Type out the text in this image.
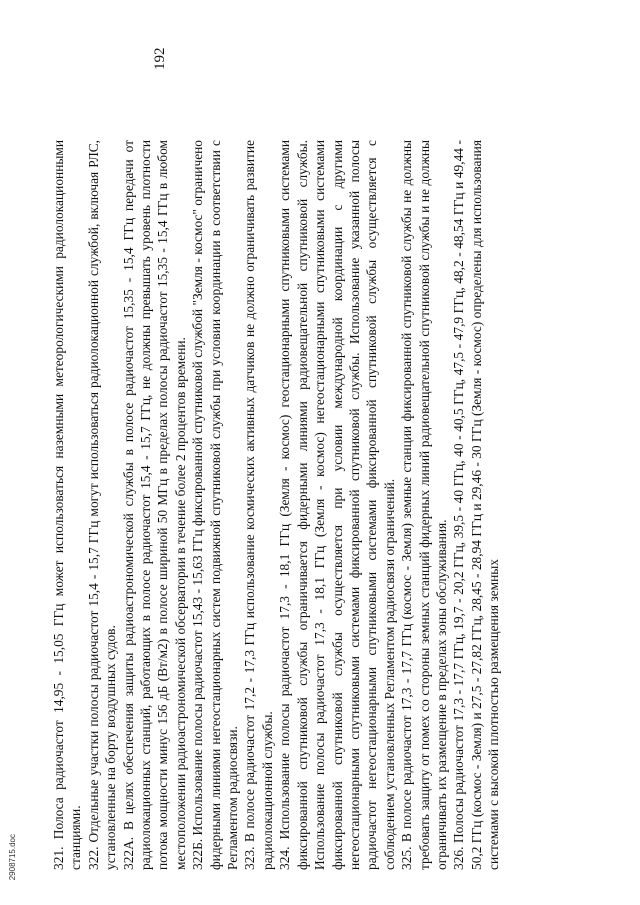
321. Полоса радиочастот 14,95 - 15,05 ГГц может использоваться наземными метеорологическими радиолокационными станциями. 322. Отдельные участки полосы радиочастот 15,4 - 15,7 ГГц могут использоваться радиолокационной службой, включая РЛС, установленные на борту воздушных судов. 322А. В целях обеспечения защиты радиоастрономической службы в полосе радиочастот 15,35 - 15,4 ГГц передачи от радиолокационных станций, работающих в полосе радиочастот 15,4 - 15,7 ГГц, не должны превышать уровень плотности потока мощности минус 156 дБ (Вт/м2) в полосе шириной 50 МГц в пределах полосы радиочастот 15,35 - 15,4 ГГц в любом местоположении радиоастрономической обсерватории в течение более 2 процентов времени. 322Б. Использование полосы радиочастот 15,43 - 15,63 ГГц фиксированной спутниковой службой "Земля - космос" ограничено фидерными линиями негеостационарных систем подвижной спутниковой службы при условии координации в соответствии с Регламентом радиосвязи. 323. В полосе радиочастот 17,2 - 17,3 ГГц использование космических активных датчиков не должно ограничивать развитие радиолокационной службы. 324. Использование полосы радиочастот 17,3 - 18,1 ГГц (Земля - космос) геостационарными спутниковыми системами фиксированной спутниковой службы ограничивается фидерными линиями радиовещательной спутниковой службы. Использование полосы радиочастот 17,3 - 18,1 ГГц (Земля - космос) негеостационарными спутниковыми системами фиксированной спутниковой службы осуществляется при условии международной координации с другими негеостационарными спутниковыми системами фиксированной спутниковой службы. Использование указанной полосы радиочастот негеостационарными спутниковыми системами фиксированной спутниковой службы осуществляется с соблюдением установленных Регламентом радиосвязи ограничений. 325. В полосе радиочастот 17,3 - 17,7 ГГц (космос - Земля) земные станции фиксированной спутниковой службы не должны требовать защиту от помех со стороны земных станций фидерных линий радиовещательной спутниковой службы и не должны ограничивать их размещение в пределах зоны обслуживания. 326. Полосы радиочастот 17,3 - 17,7 ГГц, 19,7 - 20,2 ГГц, 39,5 - 40 ГГц, 40 - 40,5 ГГц, 47,5 - 47,9 ГГц, 48,2 - 48,54 ГГц и 49,44 - 50,2 ГГц (космос - Земля) и 27,5 - 27,82 ГГц, 28,45 - 28,94 ГГц и 29,46 - 30 ГГц (Земля - космос) определены для использования системами с высокой плотностью размещения земных

192
2908715.doc
